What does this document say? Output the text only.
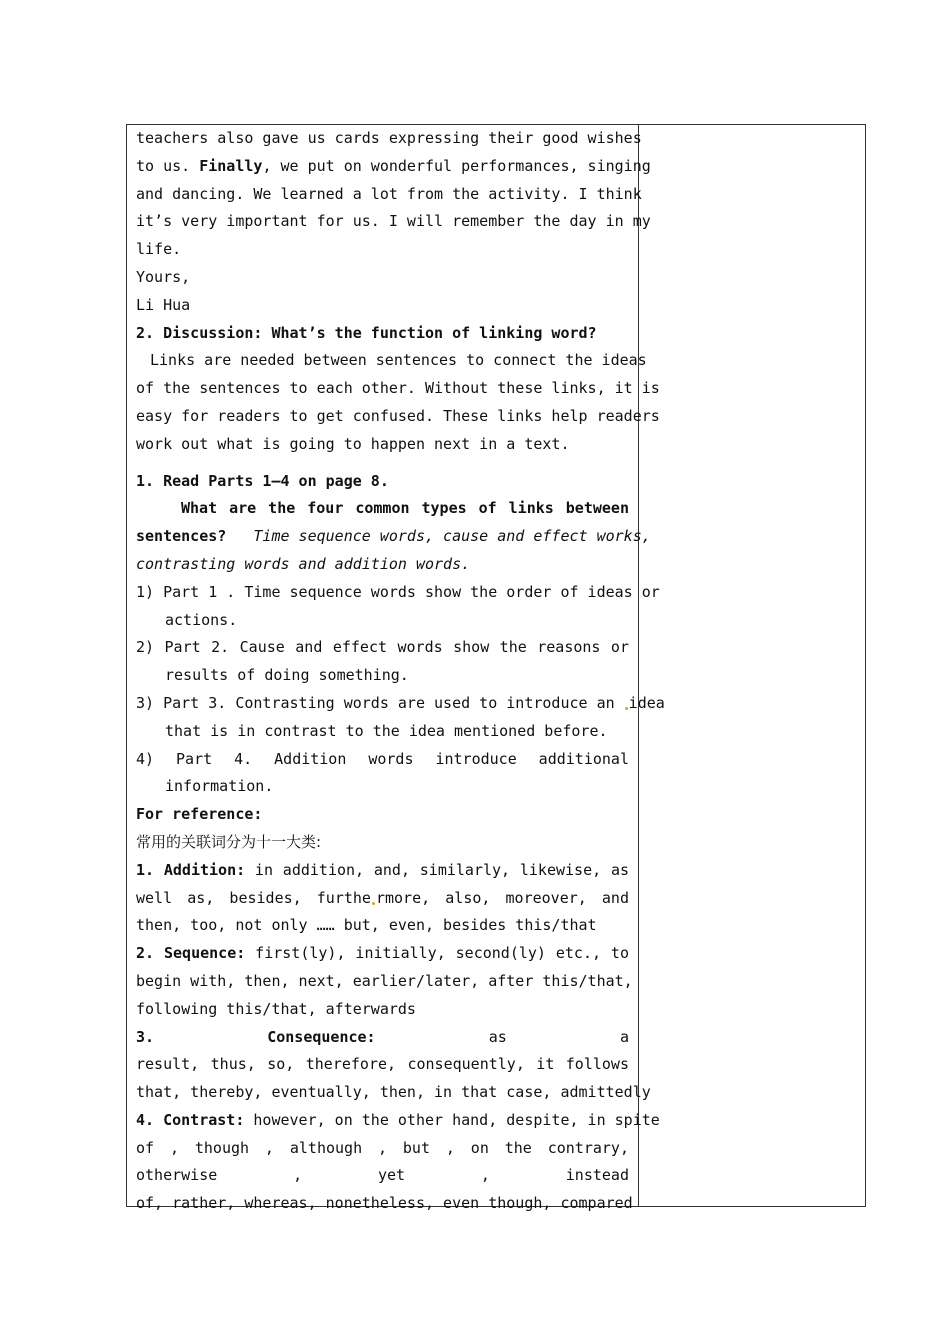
teachers also gave us cards expressing their good wishes
to us. Finally, we put on wonderful performances, singing
and dancing. We learned a lot from the activity. I think
it’s very important for us. I will remember the day in my
life.
Yours,
Li Hua
2. Discussion: What’s the function of linking word?
Links are needed between sentences to connect the ideas
of the sentences to each other. Without these links, it is
easy for readers to get confused. These links help readers
work out what is going to happen next in a text.
1. Read Parts 1—4 on page 8.
What are the four common types of links between
sentences? Time sequence words, cause and effect works,
contrasting words and addition words.
1) Part 1 . Time sequence words show the order of ideas or
actions.
2) Part 2. Cause and effect words show the reasons or
results of doing something.
3) Part 3. Contrasting words are used to introduce an idea
that is in contrast to the idea mentioned before.
4) Part 4. Addition words introduce additional
information.
For reference:
常用的关联词分为十一大类:
1. Addition: in addition, and, similarly, likewise, as
well as, besides, furthe rmore, also, moreover, and
then, too, not only …… but, even, besides this/that
2. Sequence: first(ly), initially, second(ly) etc., to
begin with, then, next, earlier/later, after this/that,
following this/that, afterwards
3. Consequence:	as a
result, thus, so, therefore, consequently, it follows
that, thereby, eventually, then, in that case, admittedly
4. Contrast: however, on the other hand, despite, in spite
of , though , although , but , on the contrary,
otherwise , yet , instead
of, rather, whereas, nonetheless, even though, compared
